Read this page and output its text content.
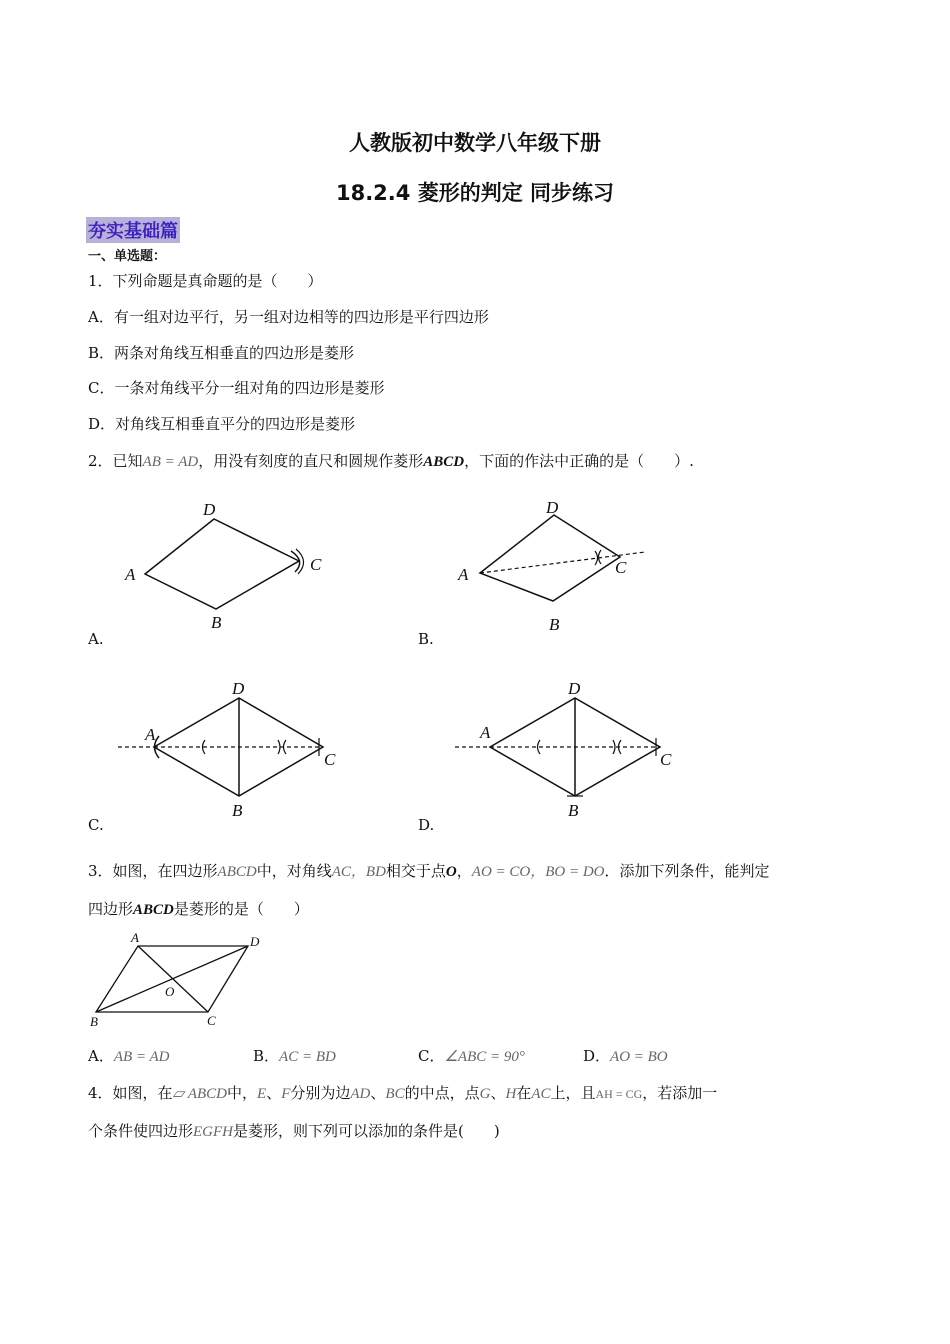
人教版初中数学八年级下册
18.2.4 菱形的判定 同步练习
夯实基础篇
一、单选题：
1．下列命题是真命题的是（　　）
A．有一组对边平行，另一组对边相等的四边形是平行四边形
B．两条对角线互相垂直的四边形是菱形
C．一条对角线平分一组对角的四边形是菱形
D．对角线互相垂直平分的四边形是菱形
2．已知AB = AD，用没有刻度的直尺和圆规作菱形ABCD，下面的作法中正确的是（　　）.
A
D
C
B
A.
A
D
C
B
B.
A
D
C
B
C.
A
D
C
B
D.
3．如图，在四边形ABCD中，对角线AC，BD相交于点O，AO = CO，BO = DO．添加下列条件，能判定
四边形ABCD是菱形的是（　　）
A	D
O
B	C
A．AB = AD	B．AC = BD	C．∠ABC = 90°	D．AO = BO
4．如图，在▱ ABCD中，E、F分别为边AD、BC的中点，点G、H在AC上，且AH = CG，若添加一
个条件使四边形EGFH是菱形，则下列可以添加的条件是(　　)
